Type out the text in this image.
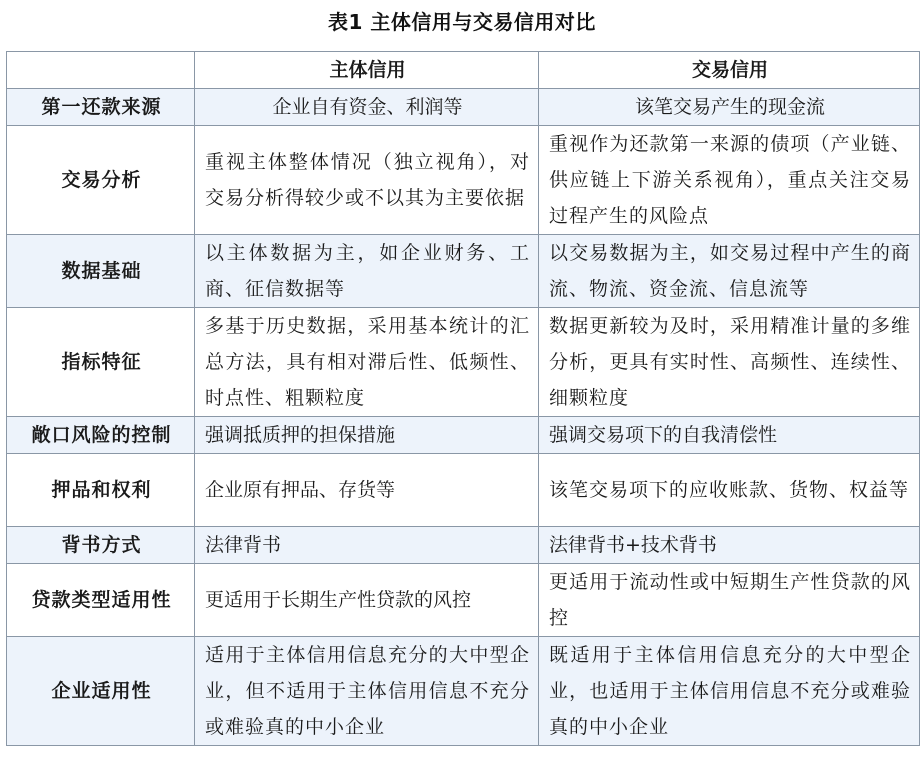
表1 主体信用与交易信用对比
	主体信用	交易信用
第一还款来源	企业自有资金、利润等	该笔交易产生的现金流
交易分析	重视主体整体情况（独立视角），对交易分析得较少或不以其为主要依据	重视作为还款第一来源的债项（产业链、供应链上下游关系视角），重点关注交易过程产生的风险点
数据基础	以主体数据为主，如企业财务、工商、征信数据等	以交易数据为主，如交易过程中产生的商流、物流、资金流、信息流等
指标特征	多基于历史数据，采用基本统计的汇总方法，具有相对滞后性、低频性、时点性、粗颗粒度	数据更新较为及时，采用精准计量的多维分析，更具有实时性、高频性、连续性、细颗粒度
敞口风险的控制	强调抵质押的担保措施	强调交易项下的自我清偿性
押品和权利	企业原有押品、存货等	该笔交易项下的应收账款、货物、权益等
背书方式	法律背书	法律背书+技术背书
贷款类型适用性	更适用于长期生产性贷款的风控	更适用于流动性或中短期生产性贷款的风控
企业适用性	适用于主体信用信息充分的大中型企业，但不适用于主体信用信息不充分或难验真的中小企业	既适用于主体信用信息充分的大中型企业，也适用于主体信用信息不充分或难验真的中小企业
